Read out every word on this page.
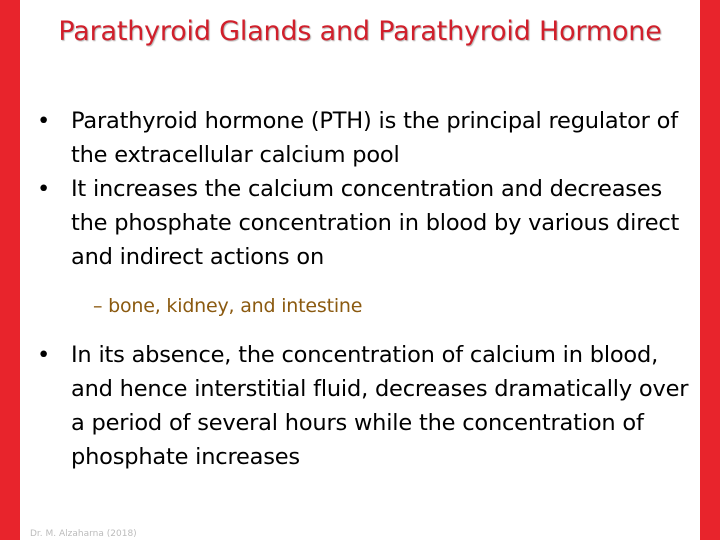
Parathyroid Glands and Parathyroid Hormone
• Parathyroid hormone (PTH) is the principal regulator of the extracellular calcium pool
• It increases the calcium concentration and decreases the phosphate concentration in blood by various direct and indirect actions on
– bone, kidney, and intestine
• In its absence, the concentration of calcium in blood, and hence interstitial fluid, decreases dramatically over a period of several hours while the concentration of phosphate increases
Dr. M. Alzaharna (2018)
